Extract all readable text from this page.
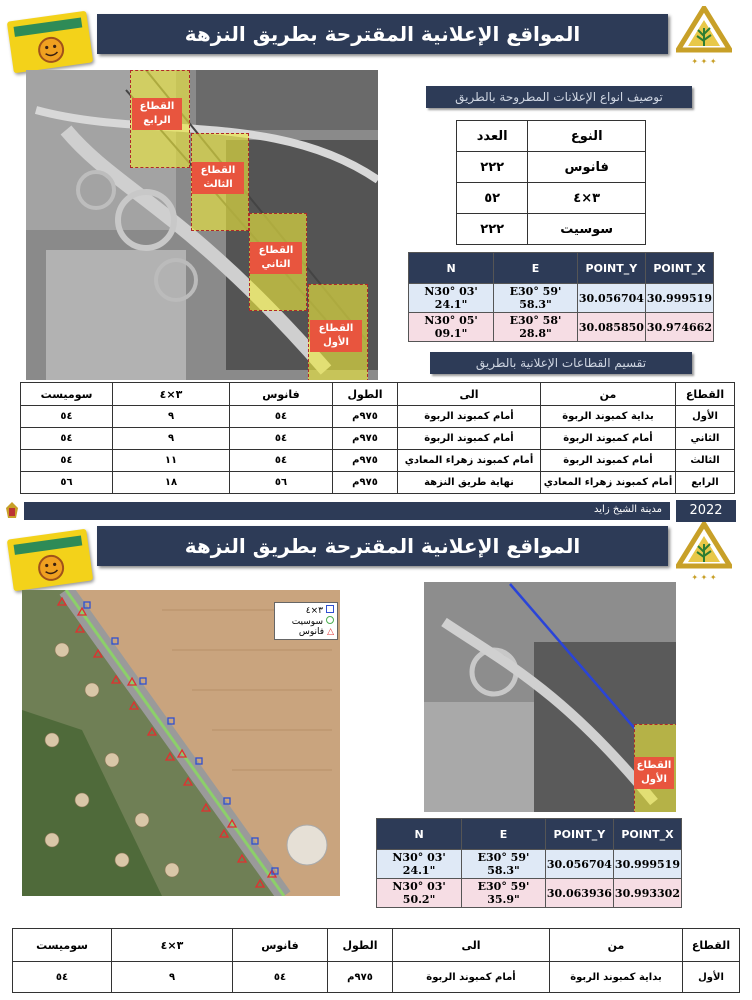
المواقع الإعلانية المقترحة بطريق النزهة
✦ ✦ ✦
القطاع الرابع
القطاع الثالث
القطاع الثاني
القطاع الأول
توصيف انواع الإعلانات المطروحة بالطريق
النوع	العدد
فانوس	٢٢٢
٣×٤	٥٢
سوسيت	٢٢٢
N	E	POINT_Y	POINT_X
N30° 03' 24.1"	E30° 59' 58.3"	30.056704	30.999519
N30° 05' 09.1"	E30° 58' 28.8"	30.085850	30.974662
تقسيم القطاعات الإعلانية بالطريق
القطاع	من	الى	الطول	فانوس	٣×٤	سوميست
الأول	بداية كمبوند الربوة	أمام كمبوند الربوة	٩٧٥م	٥٤	٩	٥٤
الثاني	أمام كمبوند الربوة	أمام كمبوند الربوة	٩٧٥م	٥٤	٩	٥٤
الثالث	أمام كمبوند الربوة	أمام كمبوند زهراء المعادي	٩٧٥م	٥٤	١١	٥٤
الرابع	أمام كمبوند زهراء المعادي	نهاية طريق النزهة	٩٧٥م	٥٦	١٨	٥٦
مدينة الشيخ زايد	2022
المواقع الإعلانية المقترحة بطريق النزهة
✦ ✦ ✦
٣×٤
سوسيت
△فانوس
القطاع الأول
N	E	POINT_Y	POINT_X
N30° 03' 24.1"	E30° 59' 58.3"	30.056704	30.999519
N30° 03' 50.2"	E30° 59' 35.9"	30.063936	30.993302
القطاع	من	الى	الطول	فانوس	٣×٤	سوميست
الأول	بداية كمبوند الربوة	أمام كمبوند الربوة	٩٧٥م	٥٤	٩	٥٤
